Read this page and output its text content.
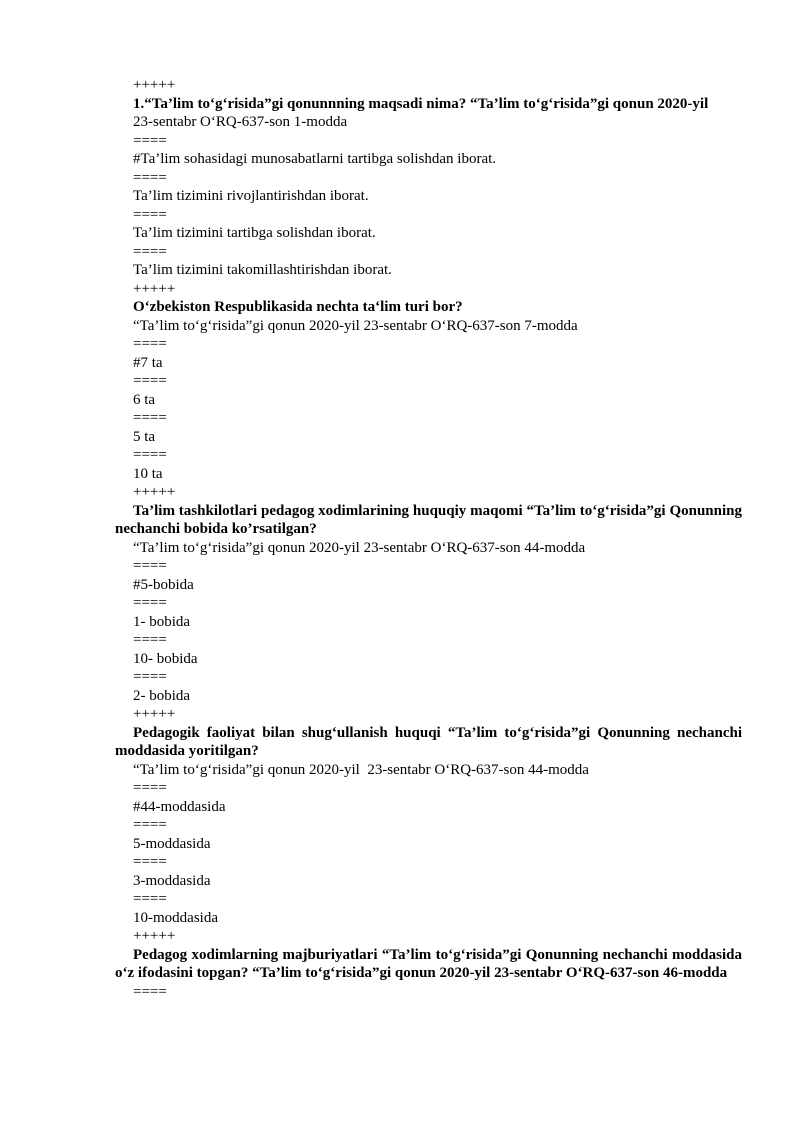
+++++
1.“Ta’lim to‘g‘risida”gi qonunnning maqsadi nima? “Ta’lim to‘g‘risida”gi qonun 2020-yil
23-sentabr O‘RQ-637-son 1-modda
====
#Ta’lim sohasidagi munosabatlarni tartibga solishdan iborat.
====
Ta’lim tizimini rivojlantirishdan iborat.
====
Ta’lim tizimini tartibga solishdan iborat.
====
Ta’lim tizimini takomillashtirishdan iborat.
+++++
O‘zbekiston Respublikasida nechta ta‘lim turi bor?
“Ta’lim to‘g‘risida”gi qonun 2020-yil 23-sentabr O‘RQ-637-son 7-modda
====
#7 ta
====
6 ta
====
5 ta
====
10 ta
+++++
Ta’lim tashkilotlari pedagog xodimlarining huquqiy maqomi “Ta’lim to‘g‘risida”gi Qonunning nechanchi bobida ko’rsatilgan?
“Ta’lim to‘g‘risida”gi qonun 2020-yil 23-sentabr O‘RQ-637-son 44-modda
====
#5-bobida
====
1- bobida
====
10- bobida
====
2- bobida
+++++
Pedagogik faoliyat bilan shug‘ullanish huquqi “Ta’lim to‘g‘risida”gi Qonunning nechanchi moddasida yoritilgan?
“Ta’lim to‘g‘risida”gi qonun 2020-yil  23-sentabr O‘RQ-637-son 44-modda
====
#44-moddasida
====
5-moddasida
====
3-moddasida
====
10-moddasida
+++++
Pedagog xodimlarning majburiyatlari “Ta’lim to‘g‘risida”gi Qonunning nechanchi moddasida o‘z ifodasini topgan? “Ta’lim to‘g‘risida”gi qonun 2020-yil 23-sentabr O‘RQ-637-son 46-modda
====
